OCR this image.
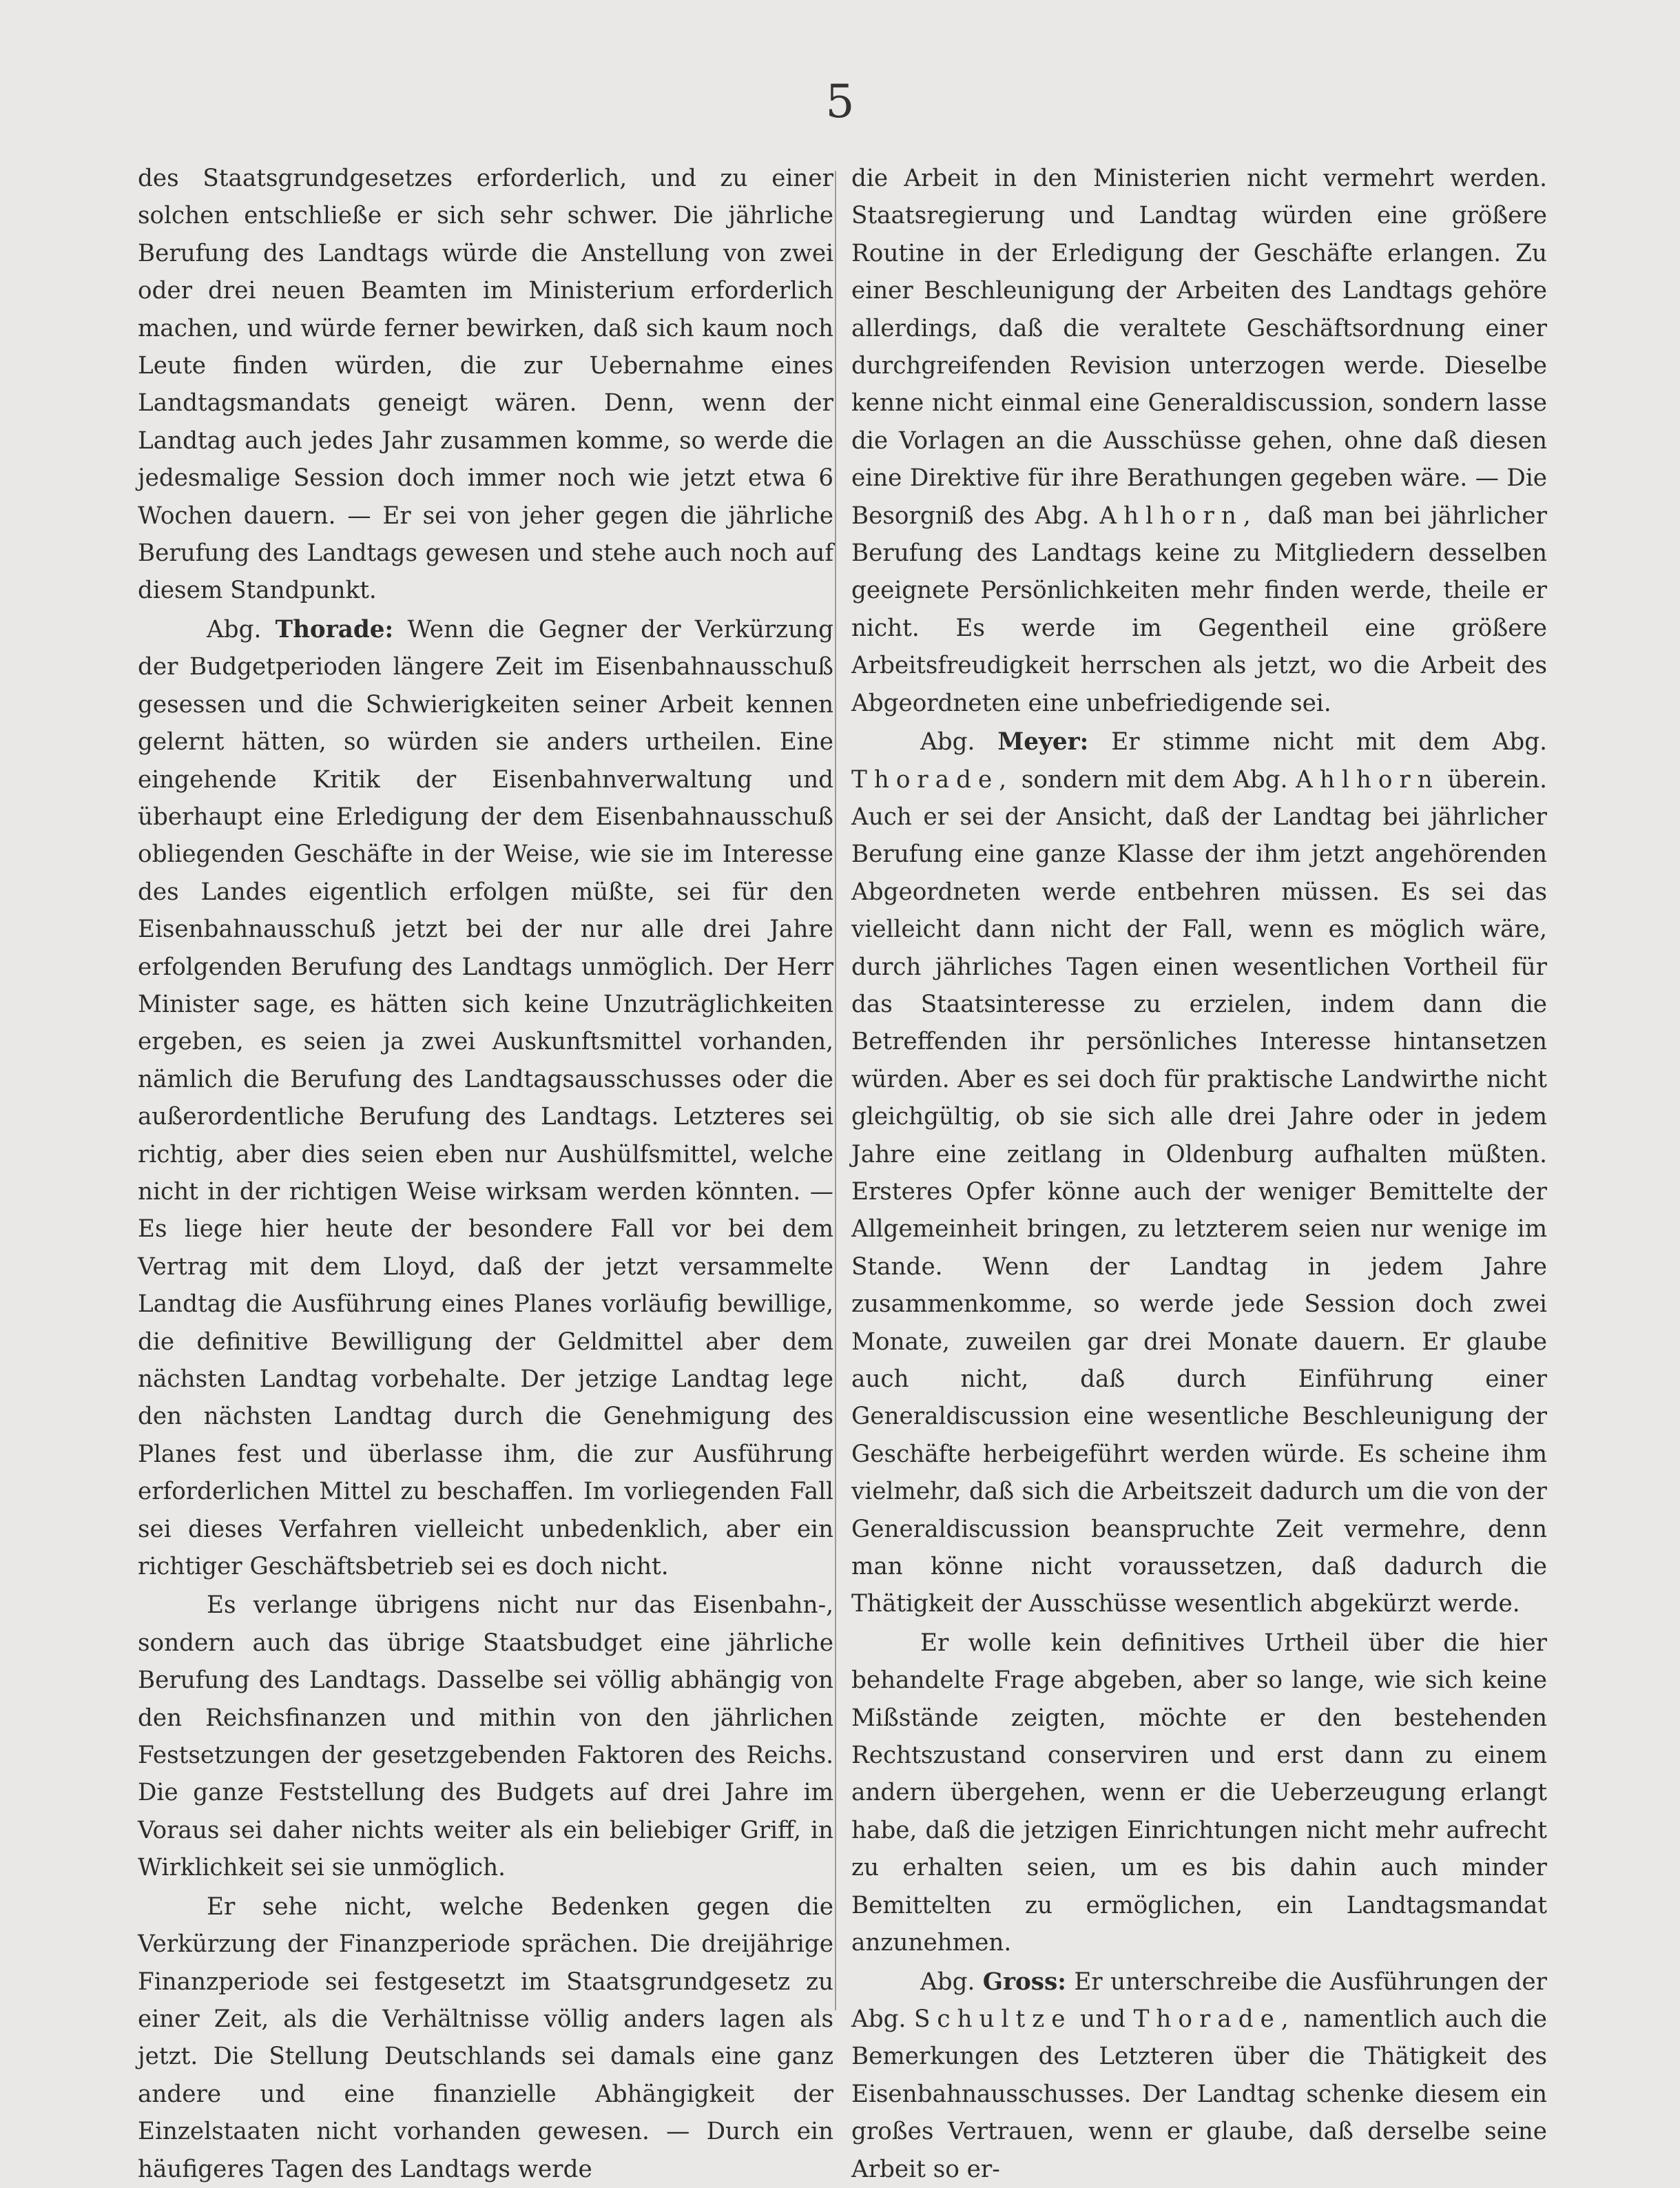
5

des Staatsgrundgesetzes erforderlich, und zu einer solchen entschließe er sich sehr schwer. Die jährliche Berufung des Landtags würde die Anstellung von zwei oder drei neuen Beamten im Ministerium erforderlich machen, und würde ferner bewirken, daß sich kaum noch Leute finden würden, die zur Uebernahme eines Landtagsmandats geneigt wären. Denn, wenn der Landtag auch jedes Jahr zusammen komme, so werde die jedesmalige Session doch immer noch wie jetzt etwa 6 Wochen dauern. — Er sei von jeher gegen die jährliche Berufung des Landtags gewesen und stehe auch noch auf diesem Standpunkt.

Abg. Thorade: Wenn die Gegner der Verkürzung der Budgetperioden längere Zeit im Eisenbahnausschuß gesessen und die Schwierigkeiten seiner Arbeit kennen gelernt hätten, so würden sie anders urtheilen. Eine eingehende Kritik der Eisenbahnverwaltung und überhaupt eine Erledigung der dem Eisenbahnausschuß obliegenden Geschäfte in der Weise, wie sie im Interesse des Landes eigentlich erfolgen müßte, sei für den Eisenbahnausschuß jetzt bei der nur alle drei Jahre erfolgenden Berufung des Landtags unmöglich. Der Herr Minister sage, es hätten sich keine Unzuträglichkeiten ergeben, es seien ja zwei Auskunftsmittel vorhanden, nämlich die Berufung des Landtagsausschusses oder die außerordentliche Berufung des Landtags. Letzteres sei richtig, aber dies seien eben nur Aushülfsmittel, welche nicht in der richtigen Weise wirksam werden könnten. — Es liege hier heute der besondere Fall vor bei dem Vertrag mit dem Lloyd, daß der jetzt versammelte Landtag die Ausführung eines Planes vorläufig bewillige, die definitive Bewilligung der Geldmittel aber dem nächsten Landtag vorbehalte. Der jetzige Landtag lege den nächsten Landtag durch die Genehmigung des Planes fest und überlasse ihm, die zur Ausführung erforderlichen Mittel zu beschaffen. Im vorliegenden Fall sei dieses Verfahren vielleicht unbedenklich, aber ein richtiger Geschäftsbetrieb sei es doch nicht.

Es verlange übrigens nicht nur das Eisenbahn-, sondern auch das übrige Staatsbudget eine jährliche Berufung des Landtags. Dasselbe sei völlig abhängig von den Reichsfinanzen und mithin von den jährlichen Festsetzungen der gesetzgebenden Faktoren des Reichs. Die ganze Feststellung des Budgets auf drei Jahre im Voraus sei daher nichts weiter als ein beliebiger Griff, in Wirklichkeit sei sie unmöglich.

Er sehe nicht, welche Bedenken gegen die Verkürzung der Finanzperiode sprächen. Die dreijährige Finanzperiode sei festgesetzt im Staatsgrundgesetz zu einer Zeit, als die Verhältnisse völlig anders lagen als jetzt. Die Stellung Deutschlands sei damals eine ganz andere und eine finanzielle Abhängigkeit der Einzelstaaten nicht vorhanden gewesen. — Durch ein häufigeres Tagen des Landtags werde

die Arbeit in den Ministerien nicht vermehrt werden. Staatsregierung und Landtag würden eine größere Routine in der Erledigung der Geschäfte erlangen. Zu einer Beschleunigung der Arbeiten des Landtags gehöre allerdings, daß die veraltete Geschäftsordnung einer durchgreifenden Revision unterzogen werde. Dieselbe kenne nicht einmal eine Generaldiscussion, sondern lasse die Vorlagen an die Ausschüsse gehen, ohne daß diesen eine Direktive für ihre Berathungen gegeben wäre. — Die Besorgniß des Abg. Ahlhorn, daß man bei jährlicher Berufung des Landtags keine zu Mitgliedern desselben geeignete Persönlichkeiten mehr finden werde, theile er nicht. Es werde im Gegentheil eine größere Arbeitsfreudigkeit herrschen als jetzt, wo die Arbeit des Abgeordneten eine unbefriedigende sei.

Abg. Meyer: Er stimme nicht mit dem Abg. Thorade, sondern mit dem Abg. Ahlhorn überein. Auch er sei der Ansicht, daß der Landtag bei jährlicher Berufung eine ganze Klasse der ihm jetzt angehörenden Abgeordneten werde entbehren müssen. Es sei das vielleicht dann nicht der Fall, wenn es möglich wäre, durch jährliches Tagen einen wesentlichen Vortheil für das Staatsinteresse zu erzielen, indem dann die Betreffenden ihr persönliches Interesse hintansetzen würden. Aber es sei doch für praktische Landwirthe nicht gleichgültig, ob sie sich alle drei Jahre oder in jedem Jahre eine zeitlang in Oldenburg aufhalten müßten. Ersteres Opfer könne auch der weniger Bemittelte der Allgemeinheit bringen, zu letzterem seien nur wenige im Stande. Wenn der Landtag in jedem Jahre zusammenkomme, so werde jede Session doch zwei Monate, zuweilen gar drei Monate dauern. Er glaube auch nicht, daß durch Einführung einer Generaldiscussion eine wesentliche Beschleunigung der Geschäfte herbeigeführt werden würde. Es scheine ihm vielmehr, daß sich die Arbeitszeit dadurch um die von der Generaldiscussion beanspruchte Zeit vermehre, denn man könne nicht voraussetzen, daß dadurch die Thätigkeit der Ausschüsse wesentlich abgekürzt werde.

Er wolle kein definitives Urtheil über die hier behandelte Frage abgeben, aber so lange, wie sich keine Mißstände zeigten, möchte er den bestehenden Rechtszustand conserviren und erst dann zu einem andern übergehen, wenn er die Ueberzeugung erlangt habe, daß die jetzigen Einrichtungen nicht mehr aufrecht zu erhalten seien, um es bis dahin auch minder Bemittelten zu ermöglichen, ein Landtagsmandat anzunehmen.

Abg. Gross: Er unterschreibe die Ausführungen der Abg. Schultze und Thorade, namentlich auch die Bemerkungen des Letzteren über die Thätigkeit des Eisenbahnausschusses. Der Landtag schenke diesem ein großes Vertrauen, wenn er glaube, daß derselbe seine Arbeit so er-
